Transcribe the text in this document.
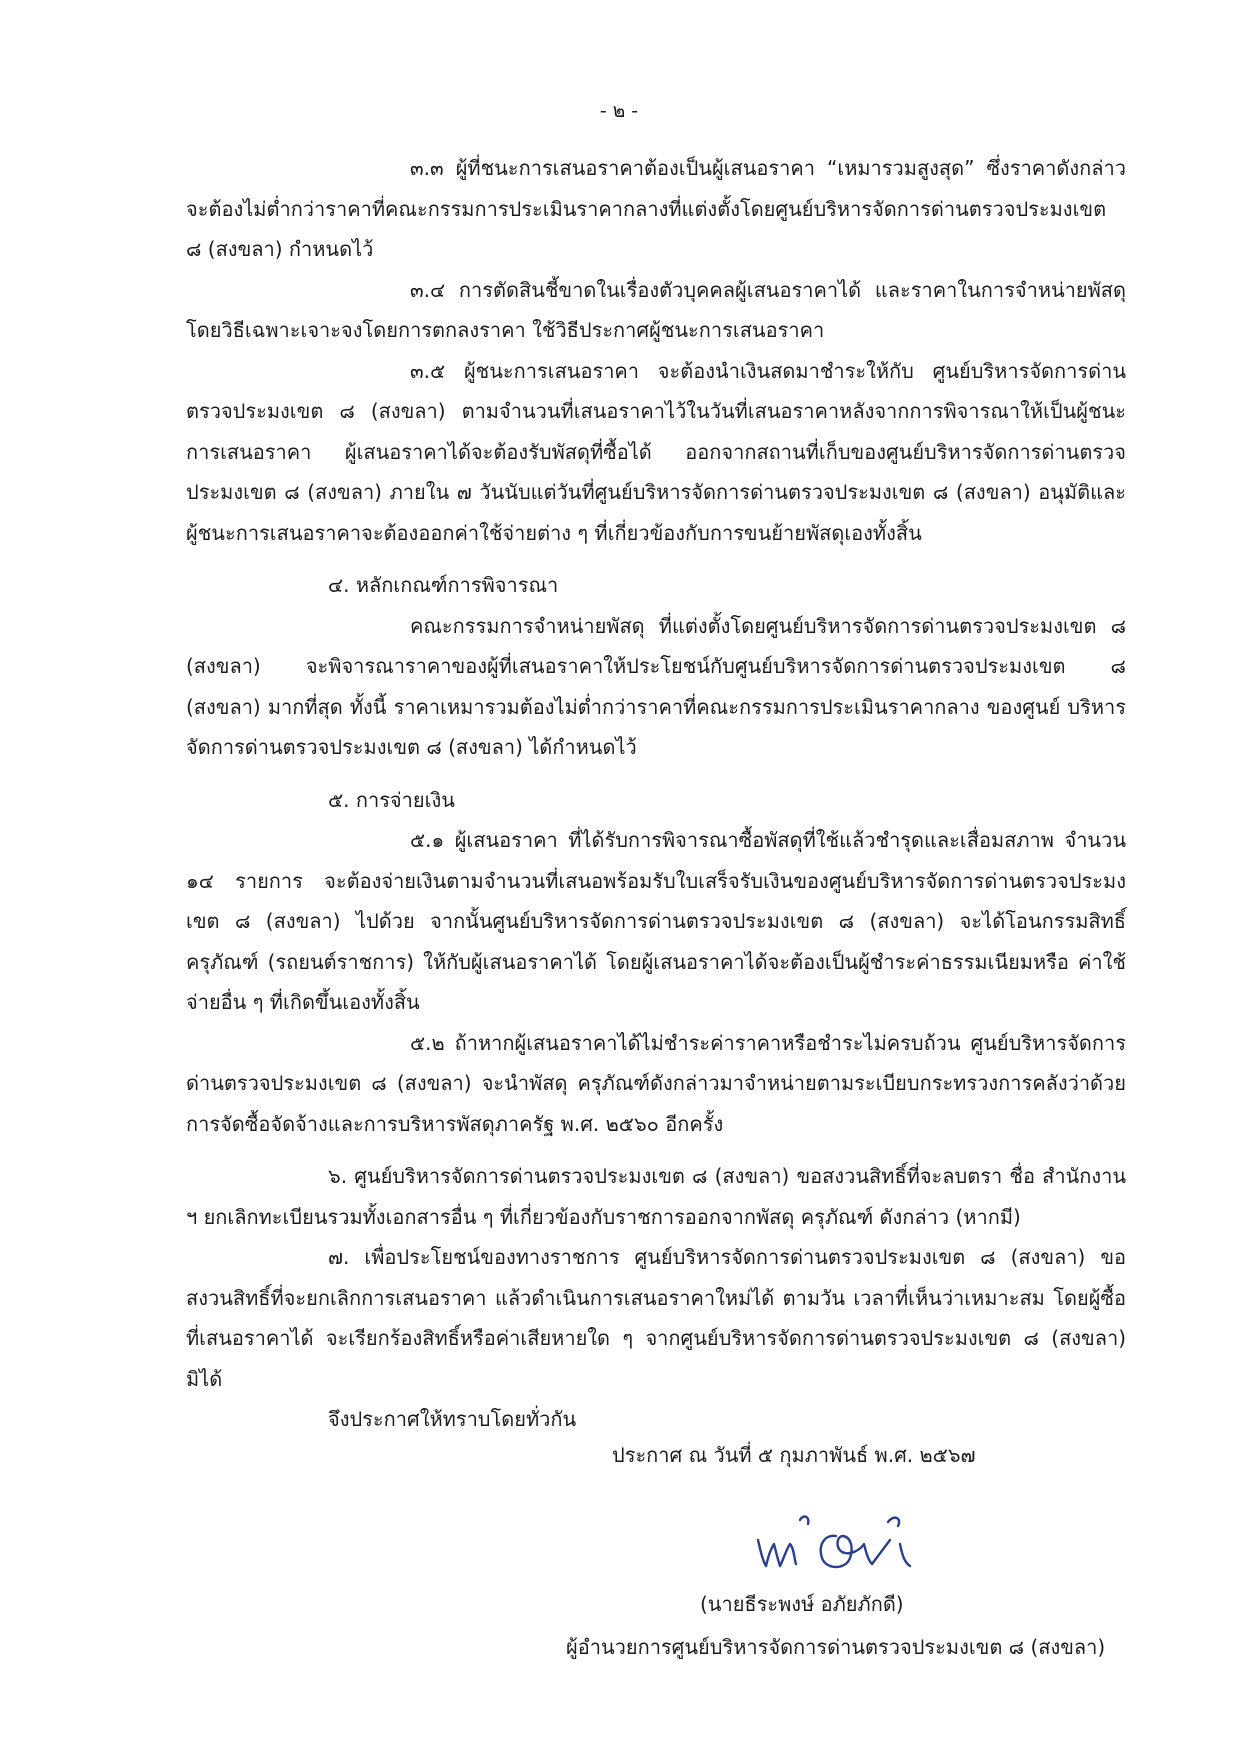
- ๒ -

๓.๓ ผู้ที่ชนะการเสนอราคาต้องเป็นผู้เสนอราคา “เหมารวมสูงสุด” ซึ่งราคาดังกล่าว จะต้องไม่ต่ำกว่าราคาที่คณะกรรมการประเมินราคากลางที่แต่งตั้งโดยศูนย์บริหารจัดการด่านตรวจประมงเขต ๘ (สงขลา) กำหนดไว้

๓.๔ การตัดสินชี้ขาดในเรื่องตัวบุคคลผู้เสนอราคาได้ และราคาในการจำหน่ายพัสดุ โดยวิธีเฉพาะเจาะจงโดยการตกลงราคา ใช้วิธีประกาศผู้ชนะการเสนอราคา

๓.๕ ผู้ชนะการเสนอราคา จะต้องนำเงินสดมาชำระให้กับ ศูนย์บริหารจัดการด่าน ตรวจประมงเขต ๘ (สงขลา) ตามจำนวนที่เสนอราคาไว้ในวันที่เสนอราคาหลังจากการพิจารณาให้เป็นผู้ชนะ การเสนอราคา ผู้เสนอราคาได้จะต้องรับพัสดุที่ซื้อได้ ออกจากสถานที่เก็บของศูนย์บริหารจัดการด่านตรวจ ประมงเขต ๘ (สงขลา) ภายใน ๗ วันนับแต่วันที่ศูนย์บริหารจัดการด่านตรวจประมงเขต ๘ (สงขลา) อนุมัติและ ผู้ชนะการเสนอราคาจะต้องออกค่าใช้จ่ายต่าง ๆ ที่เกี่ยวข้องกับการขนย้ายพัสดุเองทั้งสิ้น

๔. หลักเกณฑ์การพิจารณา

คณะกรรมการจำหน่ายพัสดุ ที่แต่งตั้งโดยศูนย์บริหารจัดการด่านตรวจประมงเขต ๘ (สงขลา) จะพิจารณาราคาของผู้ที่เสนอราคาให้ประโยชน์กับศูนย์บริหารจัดการด่านตรวจประมงเขต ๘ (สงขลา) มากที่สุด ทั้งนี้ ราคาเหมารวมต้องไม่ต่ำกว่าราคาที่คณะกรรมการประเมินราคากลาง ของศูนย์ บริหารจัดการด่านตรวจประมงเขต ๘ (สงขลา) ได้กำหนดไว้

๕. การจ่ายเงิน

๕.๑ ผู้เสนอราคา ที่ได้รับการพิจารณาซื้อพัสดุที่ใช้แล้วชำรุดและเสื่อมสภาพ จำนวน ๑๔ รายการ จะต้องจ่ายเงินตามจำนวนที่เสนอพร้อมรับใบเสร็จรับเงินของศูนย์บริหารจัดการด่านตรวจประมง เขต ๘ (สงขลา) ไปด้วย จากนั้นศูนย์บริหารจัดการด่านตรวจประมงเขต ๘ (สงขลา) จะได้โอนกรรมสิทธิ์ ครุภัณฑ์ (รถยนต์ราชการ) ให้กับผู้เสนอราคาได้ โดยผู้เสนอราคาได้จะต้องเป็นผู้ชำระค่าธรรมเนียมหรือ ค่าใช้จ่ายอื่น ๆ ที่เกิดขึ้นเองทั้งสิ้น

๕.๒ ถ้าหากผู้เสนอราคาได้ไม่ชำระค่าราคาหรือชำระไม่ครบถ้วน ศูนย์บริหารจัดการ ด่านตรวจประมงเขต ๘ (สงขลา) จะนำพัสดุ ครุภัณฑ์ดังกล่าวมาจำหน่ายตามระเบียบกระทรวงการคลังว่าด้วย การจัดซื้อจัดจ้างและการบริหารพัสดุภาครัฐ พ.ศ. ๒๕๖๐ อีกครั้ง

๖. ศูนย์บริหารจัดการด่านตรวจประมงเขต ๘ (สงขลา) ขอสงวนสิทธิ์ที่จะลบตรา ชื่อ สำนักงาน ฯ ยกเลิกทะเบียนรวมทั้งเอกสารอื่น ๆ ที่เกี่ยวข้องกับราชการออกจากพัสดุ ครุภัณฑ์ ดังกล่าว (หากมี)

๗. เพื่อประโยชน์ของทางราชการ ศูนย์บริหารจัดการด่านตรวจประมงเขต ๘ (สงขลา) ขอ สงวนสิทธิ์ที่จะยกเลิกการเสนอราคา แล้วดำเนินการเสนอราคาใหม่ได้ ตามวัน เวลาที่เห็นว่าเหมาะสม โดยผู้ซื้อ ที่เสนอราคาได้ จะเรียกร้องสิทธิ์หรือค่าเสียหายใด ๆ จากศูนย์บริหารจัดการด่านตรวจประมงเขต ๘ (สงขลา) มิได้

จึงประกาศให้ทราบโดยทั่วกัน

ประกาศ ณ วันที่ ๕ กุมภาพันธ์ พ.ศ. ๒๕๖๗
(นายธีระพงษ์ อภัยภักดี)
ผู้อำนวยการศูนย์บริหารจัดการด่านตรวจประมงเขต ๘ (สงขลา)
